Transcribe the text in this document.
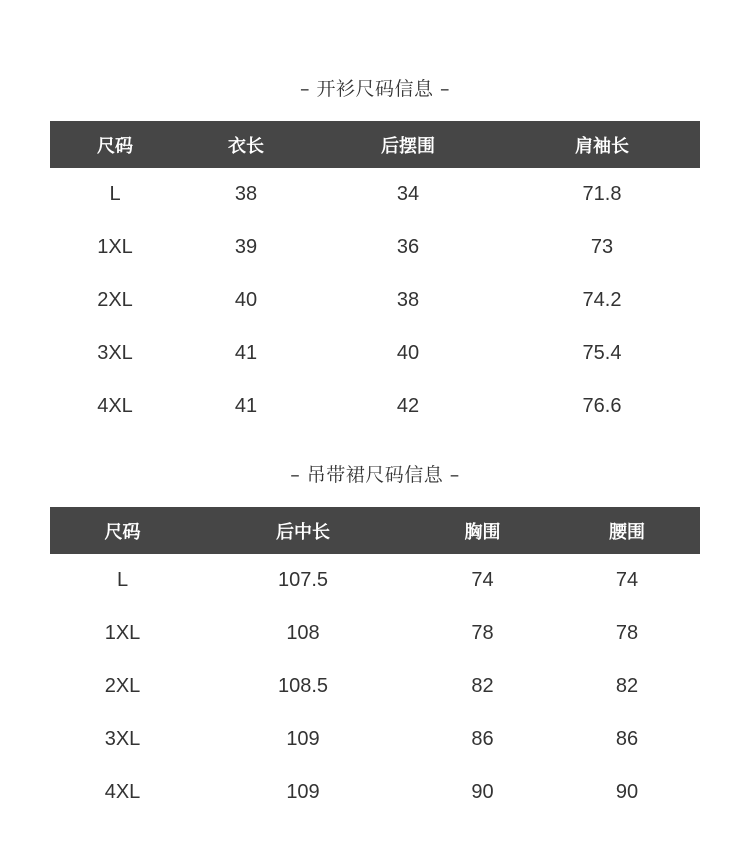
– 开衫尺码信息 –
尺码	衣长	后摆围	肩袖长
L	38	34	71.8
1XL	39	36	73
2XL	40	38	74.2
3XL	41	40	75.4
4XL	41	42	76.6
– 吊带裙尺码信息 –
尺码	后中长	胸围	腰围
L	107.5	74	74
1XL	108	78	78
2XL	108.5	82	82
3XL	109	86	86
4XL	109	90	90
